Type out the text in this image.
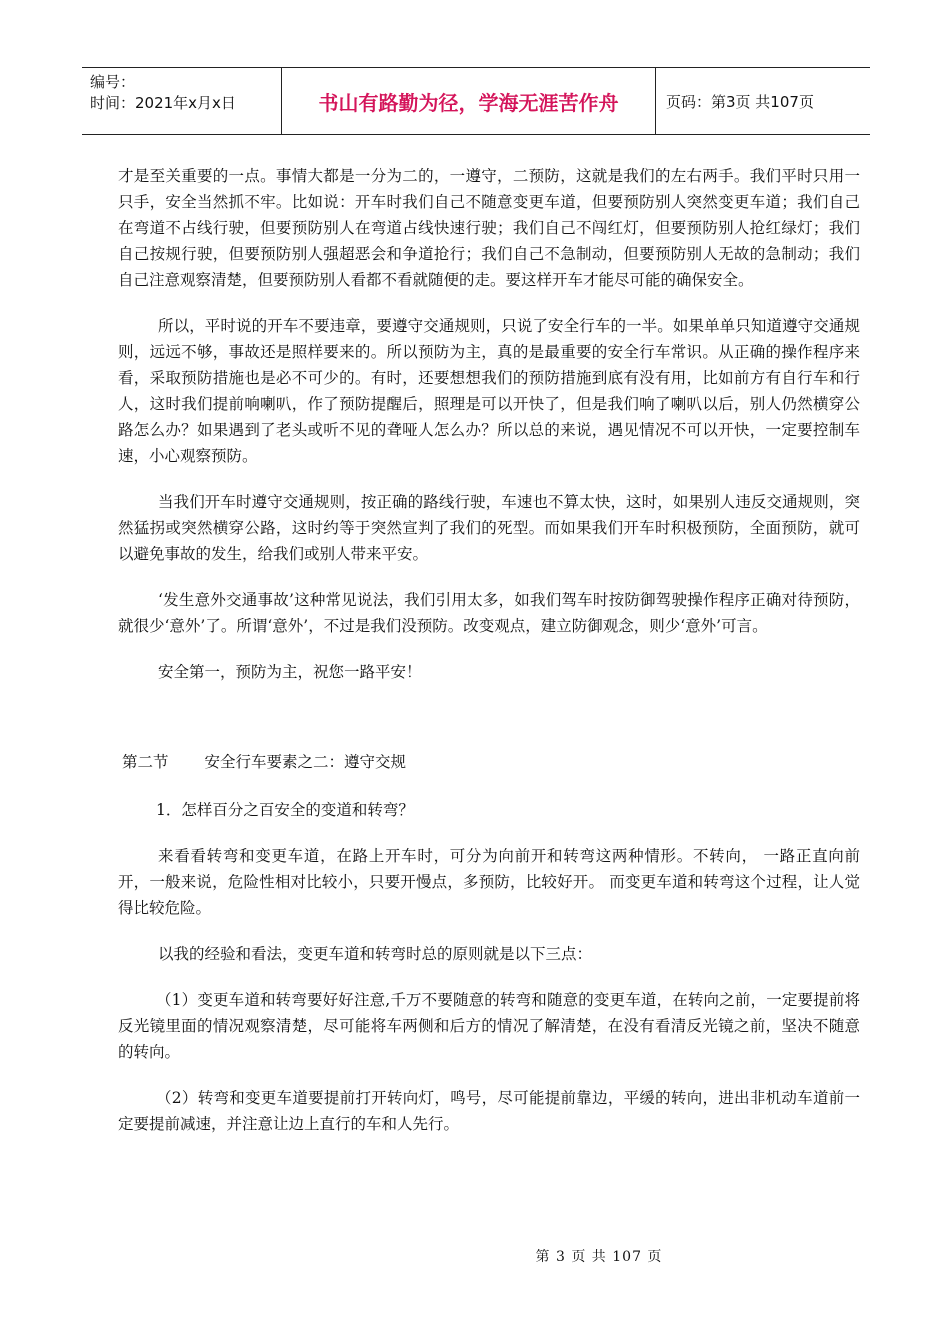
编号：
时间：2021年x月x日	书山有路勤为径，学海无涯苦作舟	页码：第3页 共107页

才是至关重要的一点。事情大都是一分为二的，一遵守，二预防，这就是我们的左右两手。我们平时只用一只手，安全当然抓不牢。比如说：开车时我们自己不随意变更车道，但要预防别人突然变更车道；我们自己在弯道不占线行驶，但要预防别人在弯道占线快速行驶；我们自己不闯红灯，但要预防别人抢红绿灯；我们自己按规行驶，但要预防别人强超恶会和争道抢行；我们自己不急制动，但要预防别人无故的急制动；我们自己注意观察清楚，但要预防别人看都不看就随便的走。要这样开车才能尽可能的确保安全。

所以，平时说的开车不要违章，要遵守交通规则，只说了安全行车的一半。如果单单只知道遵守交通规则，远远不够，事故还是照样要来的。所以预防为主，真的是最重要的安全行车常识。从正确的操作程序来看，采取预防措施也是必不可少的。有时，还要想想我们的预防措施到底有没有用，比如前方有自行车和行人，这时我们提前响喇叭，作了预防提醒后，照理是可以开快了，但是我们响了喇叭以后，别人仍然横穿公路怎么办？如果遇到了老头或听不见的聋哑人怎么办？所以总的来说，遇见情况不可以开快，一定要控制车速，小心观察预防。

当我们开车时遵守交通规则，按正确的路线行驶，车速也不算太快，这时，如果别人违反交通规则，突然猛拐或突然横穿公路，这时约等于突然宣判了我们的死型。而如果我们开车时积极预防，全面预防，就可以避免事故的发生，给我们或别人带来平安。

‘发生意外交通事故’这种常见说法，我们引用太多，如我们驾车时按防御驾驶操作程序正确对待预防，就很少‘意外’了。所谓‘意外’，不过是我们没预防。改变观点，建立防御观念，则少‘意外’可言。

安全第一，预防为主，祝您一路平安！

第二节 安全行车要素之二：遵守交规

1．怎样百分之百安全的变道和转弯？

来看看转弯和变更车道，在路上开车时，可分为向前开和转弯这两种情形。不转向， 一路正直向前开，一般来说，危险性相对比较小，只要开慢点，多预防，比较好开。 而变更车道和转弯这个过程，让人觉得比较危险。

以我的经验和看法，变更车道和转弯时总的原则就是以下三点：

（1）变更车道和转弯要好好注意,千万不要随意的转弯和随意的变更车道，在转向之前，一定要提前将反光镜里面的情况观察清楚，尽可能将车两侧和后方的情况了解清楚，在没有看清反光镜之前，坚决不随意的转向。

（2）转弯和变更车道要提前打开转向灯，鸣号，尽可能提前靠边，平缓的转向，进出非机动车道前一定要提前减速，并注意让边上直行的车和人先行。

第 3 页 共 107 页
